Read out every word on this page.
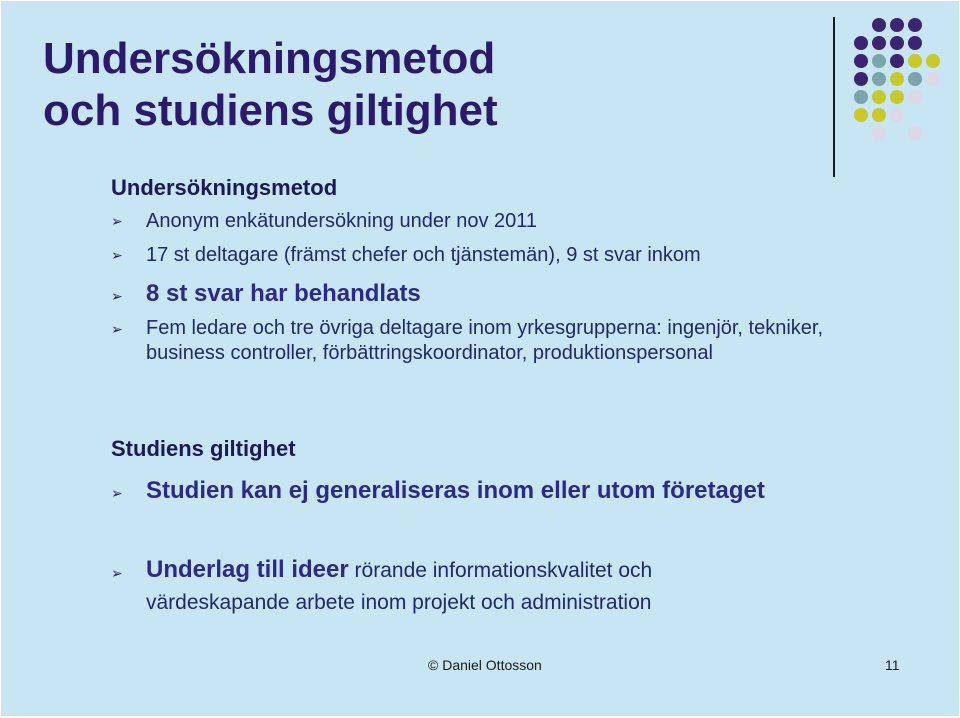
Undersökningsmetod
och studiens giltighet
Undersökningsmetod
➢	Anonym enkätundersökning under nov 2011
➢	17 st deltagare (främst chefer och tjänstemän), 9 st svar inkom
➢ 8 st svar har behandlats
➢	Fem ledare och tre övriga deltagare inom yrkesgrupperna: ingenjör, tekniker, business controller, förbättringskoordinator, produktionspersonal
Studiens giltighet
➢ Studien kan ej generaliseras inom eller utom företaget
➢ Underlag till ideer rörande informationskvalitet och värdeskapande arbete inom projekt och administration
© Daniel Ottosson	11
